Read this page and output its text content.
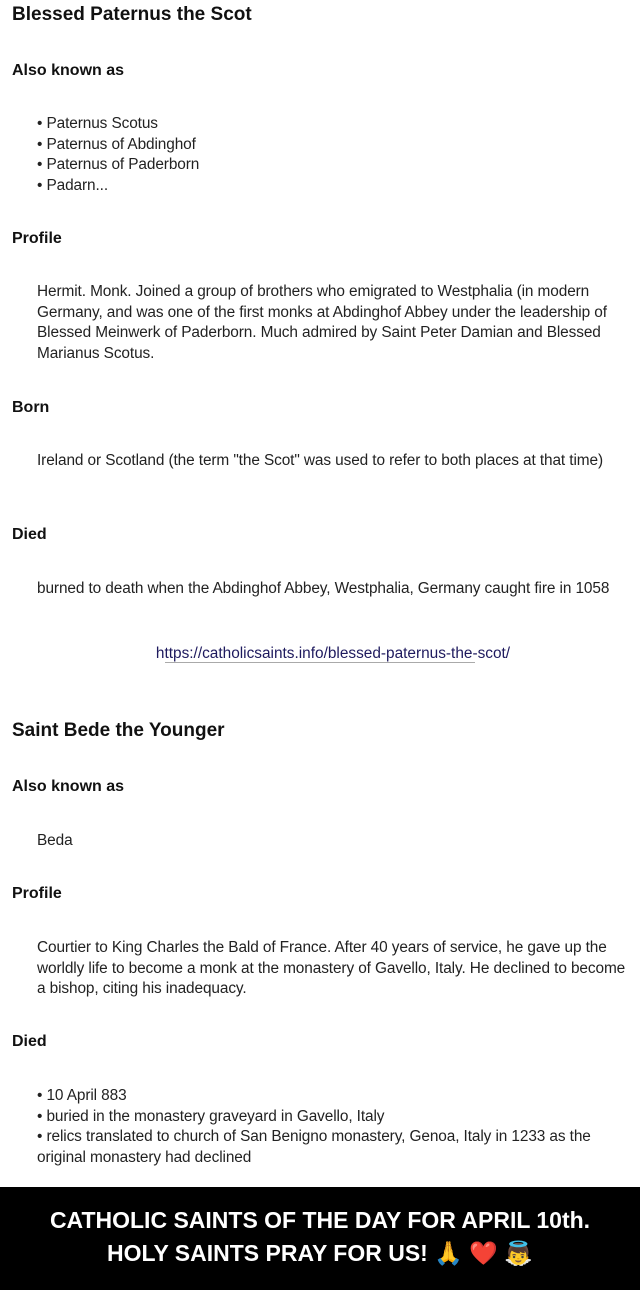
Blessed Paternus the Scot
Also known as
• Paternus Scotus
• Paternus of Abdinghof
• Paternus of Paderborn
• Padarn...
Profile
Hermit. Monk. Joined a group of brothers who emigrated to Westphalia (in modern Germany, and was one of the first monks at Abdinghof Abbey under the leadership of Blessed Meinwerk of Paderborn. Much admired by Saint Peter Damian and Blessed Marianus Scotus.
Born
Ireland or Scotland (the term "the Scot" was used to refer to both places at that time)
Died
burned to death when the Abdinghof Abbey, Westphalia, Germany caught fire in 1058
https://catholicsaints.info/blessed-paternus-the-scot/
Saint Bede the Younger
Also known as
Beda
Profile
Courtier to King Charles the Bald of France. After 40 years of service, he gave up the worldly life to become a monk at the monastery of Gavello, Italy. He declined to become a bishop, citing his inadequacy.
Died
• 10 April 883
• buried in the monastery graveyard in Gavello, Italy
• relics translated to church of San Benigno monastery, Genoa, Italy in 1233 as the original monastery had declined
CATHOLIC SAINTS OF THE DAY FOR APRIL 10th.
HOLY SAINTS PRAY FOR US! 🙏 ❤️ 👼
